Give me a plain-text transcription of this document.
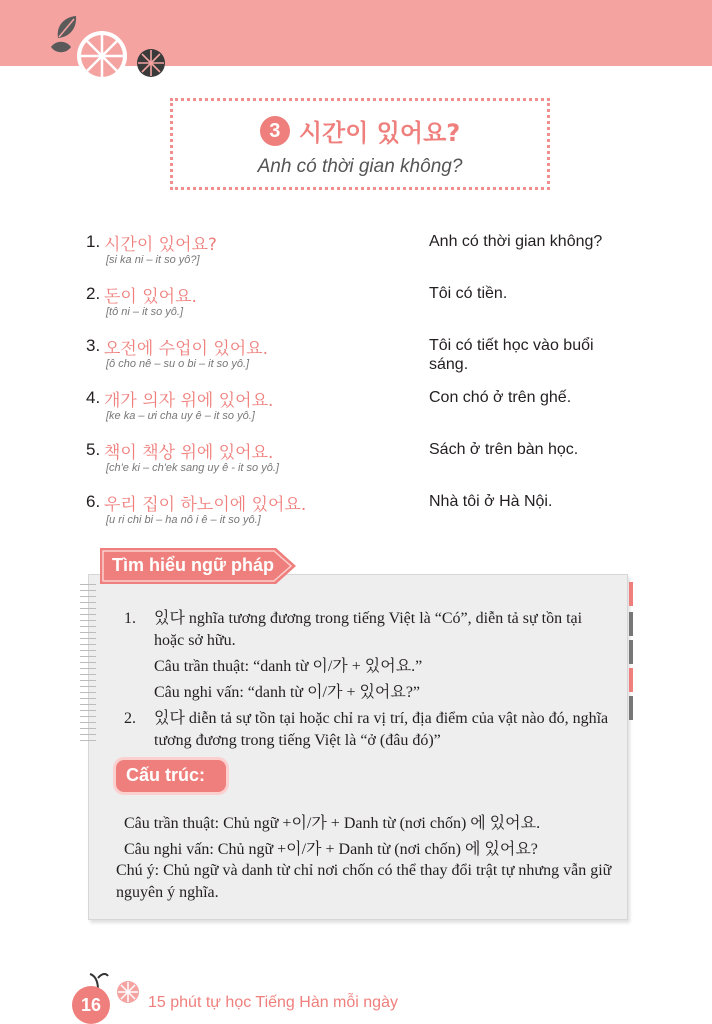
3 시간이 있어요?
Anh có thời gian không?
1. 시간이 있어요?
[si ka ni – it so yô?]
Anh có thời gian không?
2. 돈이 있어요.
[tô ni – it so yô.]
Tôi có tiền.
3. 오전에 수업이 있어요.
[ô cho nê – su o bi – it so yô.]
Tôi có tiết học vào buổi sáng.
4. 개가 의자 위에 있어요.
[ke ka – ưi cha uy ê – it so yô.]
Con chó ở trên ghế.
5. 책이 책상 위에 있어요.
[ch'e ki – ch'ek sang uy ê - it so yô.]
Sách ở trên bàn học.
6. 우리 집이 하노이에 있어요.
[u ri chi bi – ha nô i ê – it so yô.]
Nhà tôi ở Hà Nội.
Tìm hiểu ngữ pháp
1. 있다 nghĩa tương đương trong tiếng Việt là “Có”, diễn tả sự tồn tại hoặc sở hữu.
Câu trần thuật: “danh từ 이/가 + 있어요.”
Câu nghi vấn: “danh từ 이/가 + 있어요?”
2. 있다 diễn tả sự tồn tại hoặc chỉ ra vị trí, địa điểm của vật nào đó, nghĩa tương đương trong tiếng Việt là “ở (đâu đó)”
Cấu trúc:
Câu trần thuật: Chủ ngữ +이/가 + Danh từ (nơi chốn) 에 있어요.
Câu nghi vấn: Chủ ngữ +이/가 + Danh từ (nơi chốn) 에 있어요?
Chú ý: Chủ ngữ và danh từ chỉ nơi chốn có thể thay đổi trật tự nhưng vẫn giữ nguyên ý nghĩa.
16	15 phút tự học Tiếng Hàn mỗi ngày
